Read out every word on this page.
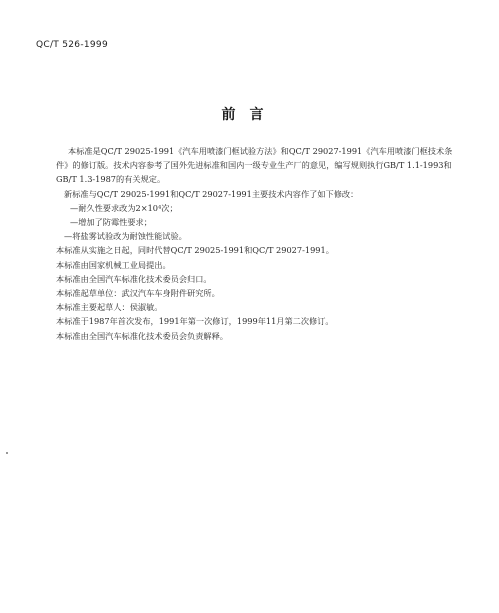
QC/T 526-1999
前言

本标准是QC/T 29025-1991《汽车用喷漆门框试验方法》和QC/T 29027-1991《汽车用喷漆门框技术条件》的修订版。技术内容参考了国外先进标准和国内一级专业生产厂的意见，编写规则执行GB/T 1.1-1993和GB/T 1.3-1987的有关规定。

新标准与QC/T 29025-1991和QC/T 29027-1991主要技术内容作了如下修改：

—耐久性要求改为2×10⁴次；

—增加了防霉性要求；

—将盐雾试验改为耐蚀性能试验。

本标准从实施之日起，同时代替QC/T 29025-1991和QC/T 29027-1991。

本标准由国家机械工业局提出。

本标准由全国汽车标准化技术委员会归口。

本标准起草单位：武汉汽车车身附件研究所。

本标准主要起草人：侯淑敏。

本标准于1987年首次发布，1991年第一次修订，1999年11月第二次修订。

本标准由全国汽车标准化技术委员会负责解释。
